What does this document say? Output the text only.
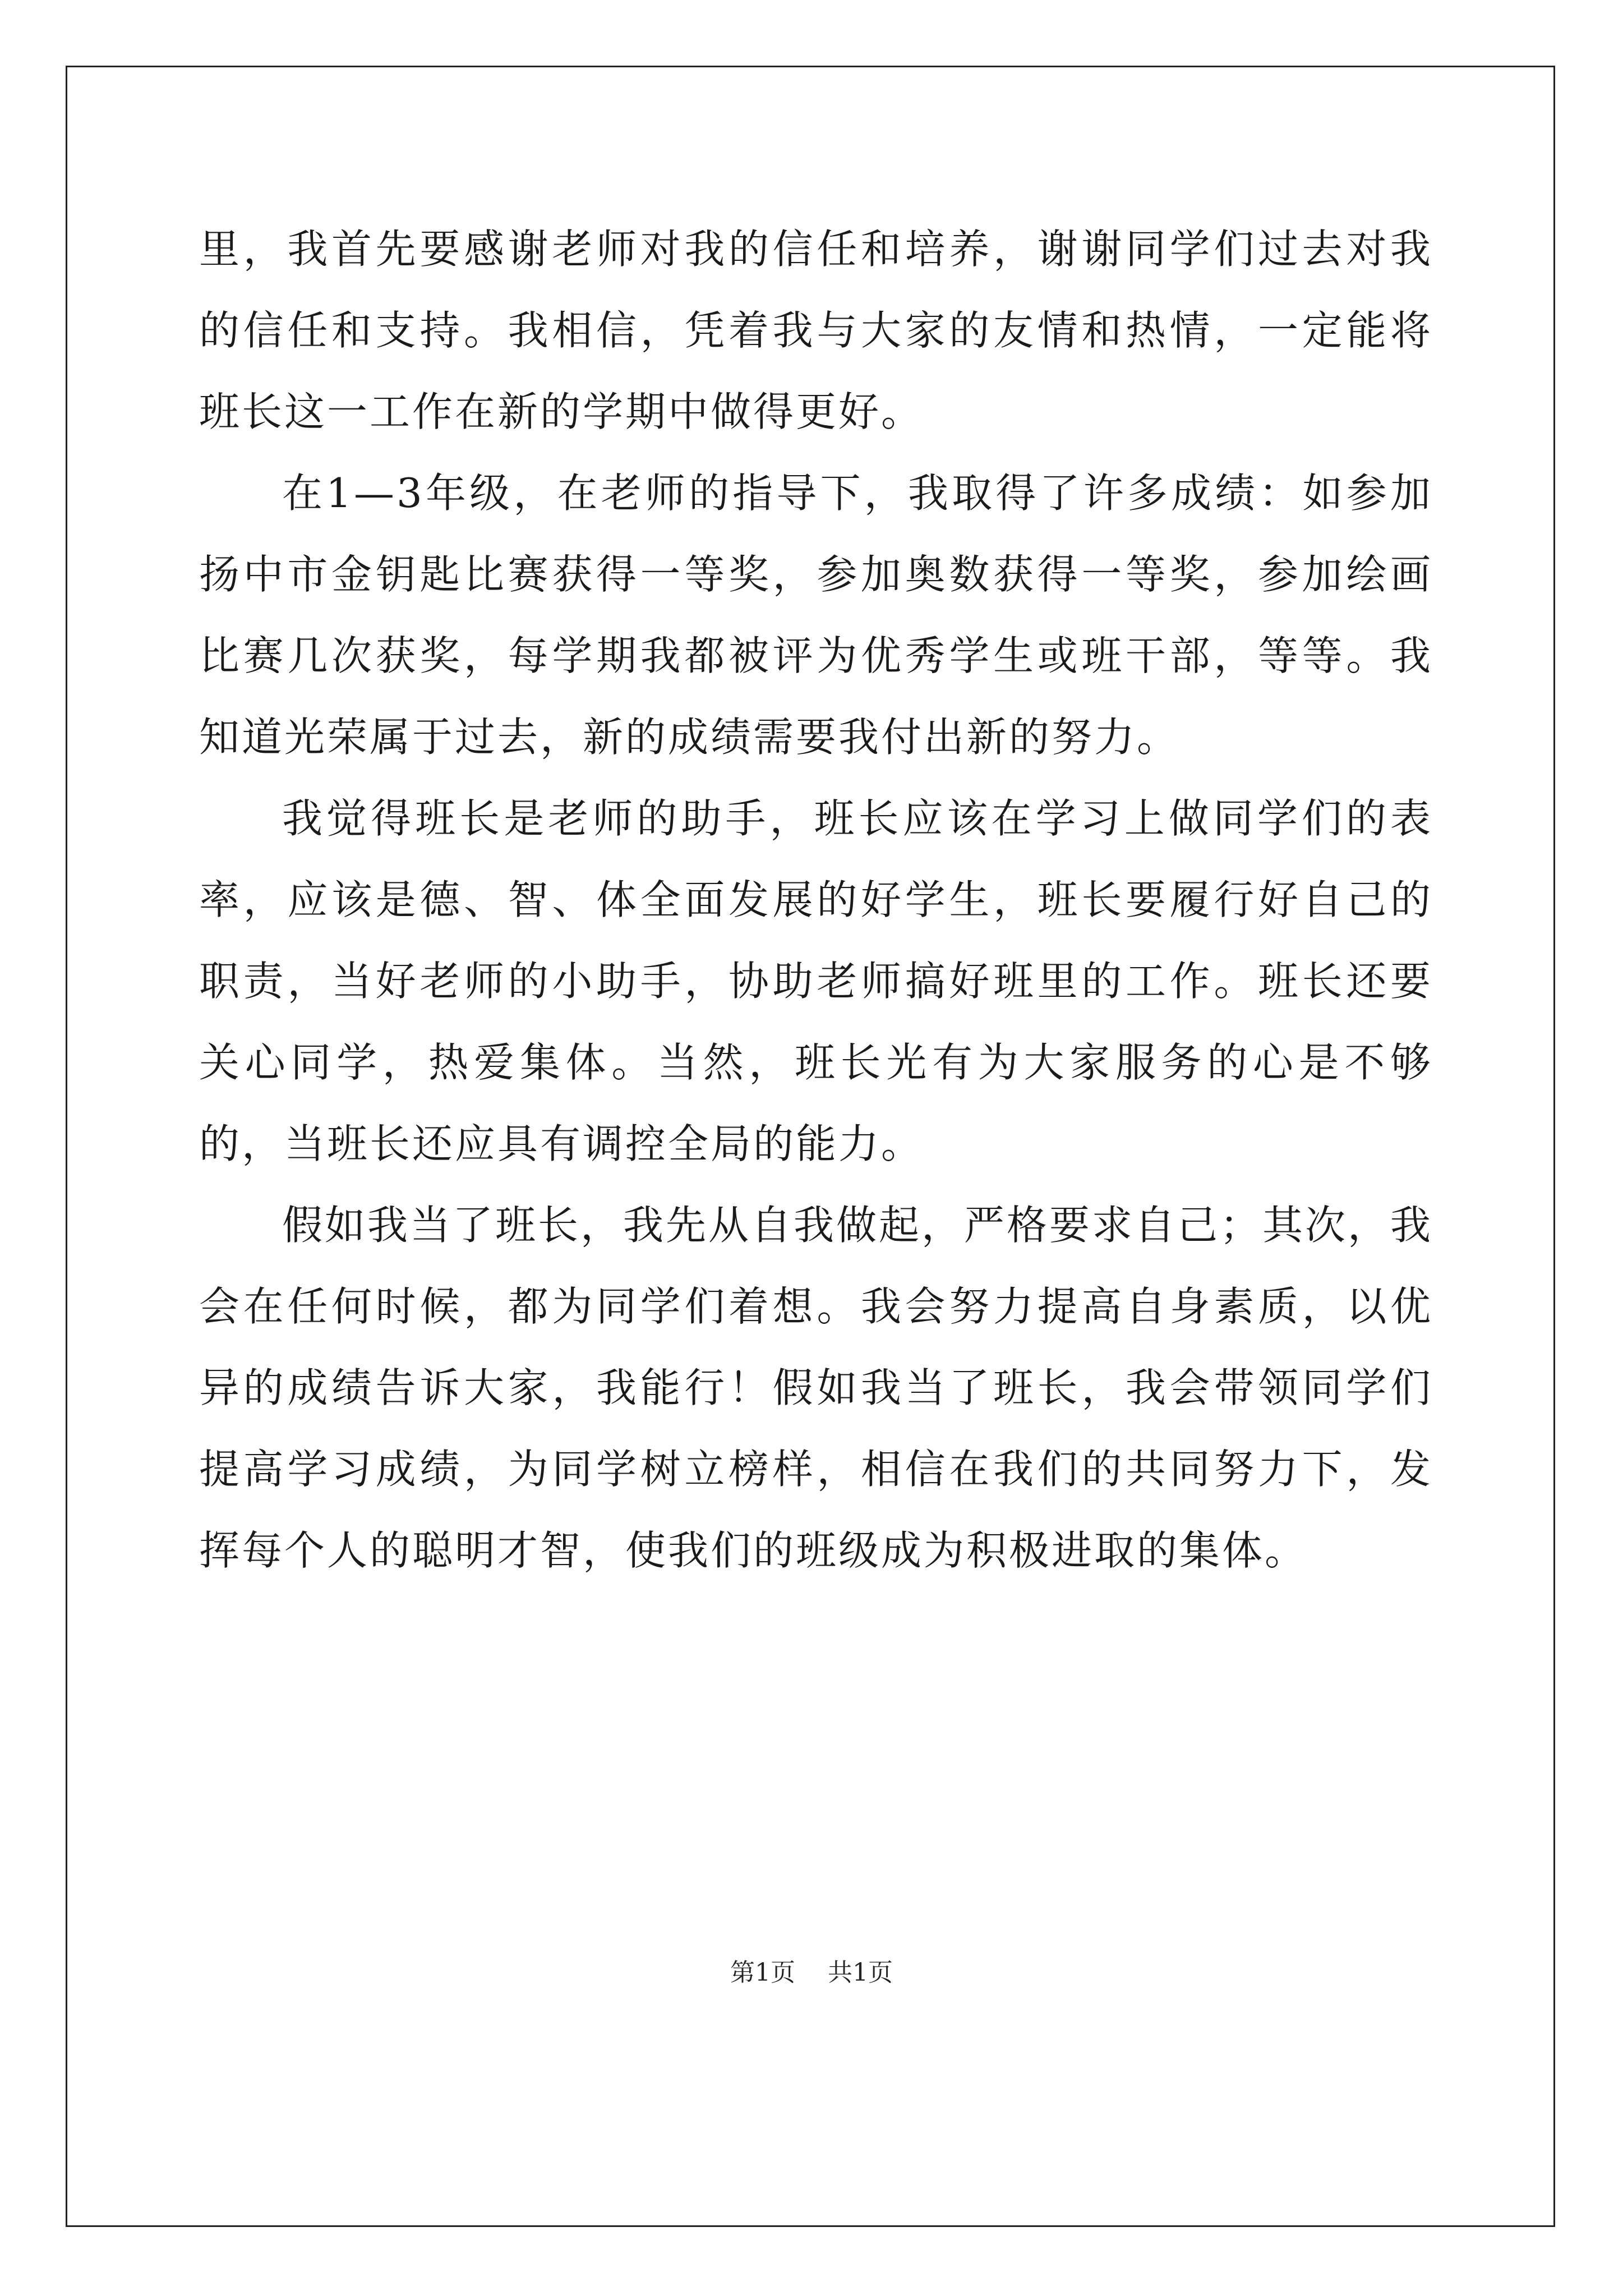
里，我首先要感谢老师对我的信任和培养，谢谢同学们过去对我的信任和支持。我相信，凭着我与大家的友情和热情，一定能将班长这一工作在新的学期中做得更好。

在1—3年级，在老师的指导下，我取得了许多成绩：如参加扬中市金钥匙比赛获得一等奖，参加奥数获得一等奖，参加绘画比赛几次获奖，每学期我都被评为优秀学生或班干部，等等。我知道光荣属于过去，新的成绩需要我付出新的努力。

我觉得班长是老师的助手，班长应该在学习上做同学们的表率，应该是德、智、体全面发展的好学生，班长要履行好自己的职责，当好老师的小助手，协助老师搞好班里的工作。班长还要关心同学，热爱集体。当然，班长光有为大家服务的心是不够的，当班长还应具有调控全局的能力。

假如我当了班长，我先从自我做起，严格要求自己；其次，我会在任何时候，都为同学们着想。我会努力提高自身素质，以优异的成绩告诉大家，我能行！假如我当了班长，我会带领同学们提高学习成绩，为同学树立榜样，相信在我们的共同努力下，发挥每个人的聪明才智，使我们的班级成为积极进取的集体。

第1页 共1页
